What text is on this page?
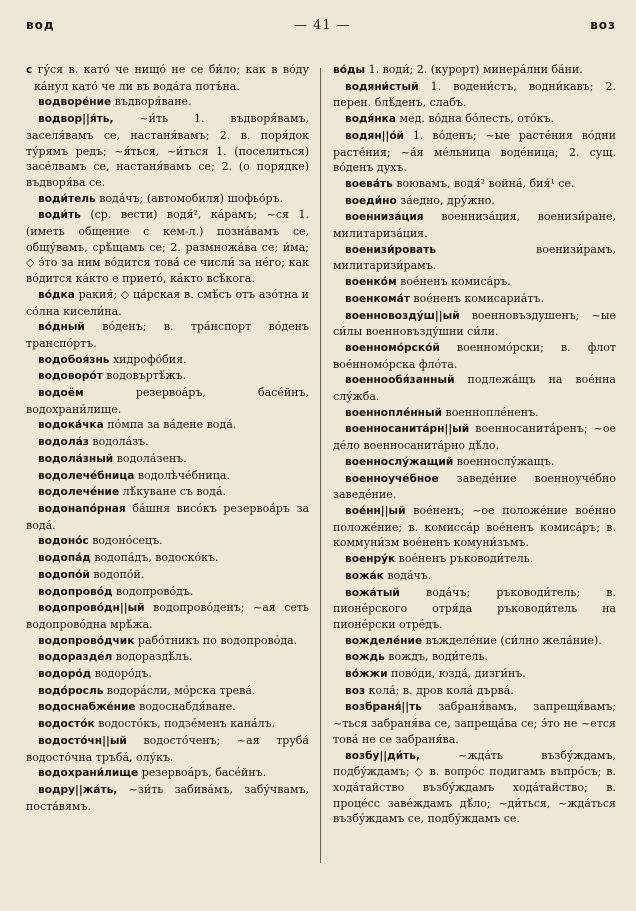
вод	— 41 —	воз

с гу́ся в. като́ че нищо́ не се би́ло; как в во́ду ка́нул като́ че ли въ вода́та потъ́на.

водворе́ние въдворя́ване.

водвор||я́ть, ~и́ть 1. въдворя́вамъ, заселя́вамъ се, настаня́вамъ; 2. в. поря́док ту́рямъ редъ; ~я́ться, ~и́ться 1. (поселиться) засе́лвамъ се, настаня́вамъ се; 2. (о порядке) въдворя́ва се.

води́тель вода́чъ; (автомобиля) шофьо́ръ.

води́ть (ср. вести) водя́², ка́рамъ; ~ся 1. (иметь общение с кем-л.) позна́вамъ се, общу́вамъ, срѣ́щамъ се; 2. размножа́ва се; и́ма; ◇ э́то за ним во́дится това́ се числи́ за не́го; как во́дится ка́кто е прието́, ка́кто всѣ́кога.

во́дка ракия́; ◇ ца́рская в. смѣ́съ отъ азо́тна и со́лна кисели́на.

во́дный во́денъ; в. тра́нспорт во́денъ транспо́ртъ.

водобоя́знь хидрофо́бия.

водоворо́т водовъртѣ́жъ.

водоём резервоа́ръ, басе́йнъ, водохрани́лище.

водока́чка по́мпа за ва́дене вода́.

водола́з водола́зъ.

водола́зный водола́зенъ.

водолече́бница водолѣче́бница.

водолече́ние лѣ́куване съ вода́.

водонапо́рная ба́шня висо́къ резервоа́ръ за вода́.

водоно́с водоно́сецъ.

водопа́д водопа́дъ, водоско́къ.

водопо́й водопо́й.

водопрово́д водопрово́дъ.

водопрово́дн||ый водопрово́денъ; ~ая сеть водопрово́дна мрѣ́жа.

водопрово́дчик рабо́тникъ по водопрово́да.

водоразде́л водораздѣ́лъ.

водоро́д водоро́дъ.

водо́росль водора́сли, мо́рска трева́.

водоснабже́ние водоснабдя́ване.

водосто́к водосто́къ, подзе́менъ кана́лъ.

водосто́чн||ый водосто́ченъ; ~ая труба́ водосто́чна тръба́, олу́къ.

водохрани́лище резервоа́ръ, басе́йнъ.

водру||жа́ть, ~зи́ть забива́мъ, забу́чвамъ, поста́вямъ.

во́ды 1. води́; 2. (курорт) минера́лни ба́ни.

водяни́стый 1. водени́стъ, водни́кавъ; 2. перен. блѣ́денъ, слабъ.

водя́нка мед. во́дна бо́лесть, ото́къ.

водян||о́й 1. во́денъ; ~ые расте́ния во́дни расте́ния; ~а́я ме́льница воде́ница; 2. сущ. во́денъ духъ.

воева́ть воювамъ, водя́² война́, бия́¹ се.

воеди́но за́едно, дру́жно.

военниза́ция военниза́ция, военизи́ране, милитариза́ция.

военизи́ровать военизи́рамъ, милитаризи́рамъ.

военко́м вое́ненъ комиса́ръ.

военкома́т вое́ненъ комисариа́тъ.

военновозду́ш||ый военновъздушенъ; ~ые си́лы военновъзду́шни си́ли.

военномо́рско́й военномо́рски; в. флот вое́нномо́рска фло́та.

военнообя́занный подлежа́щъ на вое́нна слу́жба.

военнопле́нный военнопле́ненъ.

военносанита́рн||ый военносанита́ренъ; ~ое де́ло военносанита́рно дѣ́ло.

военнослу́жащий военнослу́жащъ.

военноуче́бное заведе́ние военноуче́бно заведе́ние.

вое́нн||ый вое́ненъ; ~ое положе́ние вое́нно положе́ние; в. комисса́р вое́ненъ комиса́ръ; в. коммуни́зм вое́ненъ комуни́зъмъ.

военру́к вое́ненъ ръководи́тель.

вожа́к вода́чъ.

вожа́тый вода́чъ; ръководи́тель; в. пионе́рского отря́да ръководи́тель на пионе́рски отре́дъ.

вожделе́ние въжделе́ние (си́лно жела́ние).

вождь вождъ, води́тель.

во́жжи пово́ди, юзда́, дизги́нъ.

воз кола́; в. дров кола́ дърва́.

возбраня́||ть забраня́вамъ, запрещя́вамъ; ~ться забраня́ва се, запреща́ва се; э́то не ~ется това́ не се забраня́ва.

возбу||ди́ть, ~жда́ть възбу́ждамъ, подбу́ждамъ; ◇ в. вопро́с подигамъ въпро́съ; в. хода́тайство възбу́ждамъ хода́тайство; в. проце́сс заве́ждамъ дѣ́ло; ~ди́ться, ~жда́ться възбу́ждамъ се, подбу́ждамъ се.
